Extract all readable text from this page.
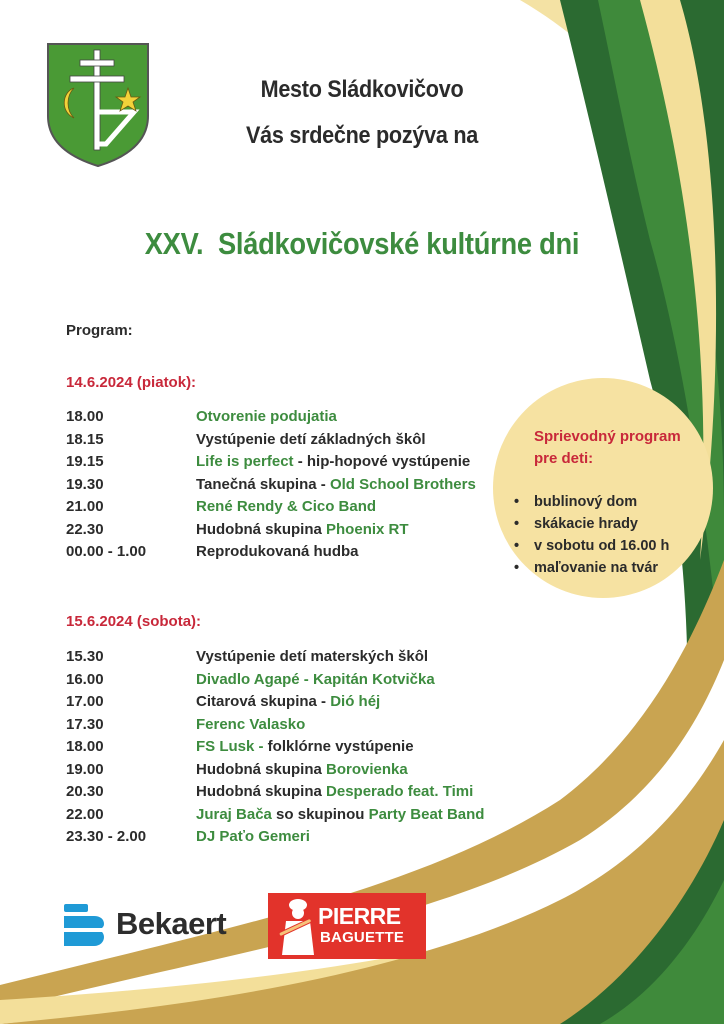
Mesto Sládkovičovo
Vás srdečne pozýva na
XXV.  Sládkovičovské kultúrne dni
Program:
14.6.2024 (piatok):
18.00	Otvorenie podujatia
18.15	Vystúpenie detí základných škôl
19.15	Life is perfect - hip-hopové vystúpenie
19.30	Tanečná skupina - Old School Brothers
21.00	René Rendy & Cico Band
22.30	Hudobná skupina Phoenix RT
00.00 - 1.00	Reprodukovaná hudba
15.6.2024 (sobota):
15.30	Vystúpenie detí materských škôl
16.00	Divadlo Agapé - Kapitán Kotvička
17.00	Citarová skupina - Dió héj
17.30	Ferenc Valasko
18.00	FS Lusk - folklórne vystúpenie
19.00	Hudobná skupina Borovienka
20.30	Hudobná skupina Desperado feat. Timi
22.00	Juraj Bača so skupinou Party Beat Band
23.30 - 2.00	DJ Paťo Gemeri
Sprievodný program
pre deti:
• bublinový dom
• skákacie hrady
• v sobotu od 16.00 h
• maľovanie na tvár
Bekaert	PIERRE
BAGUETTE
